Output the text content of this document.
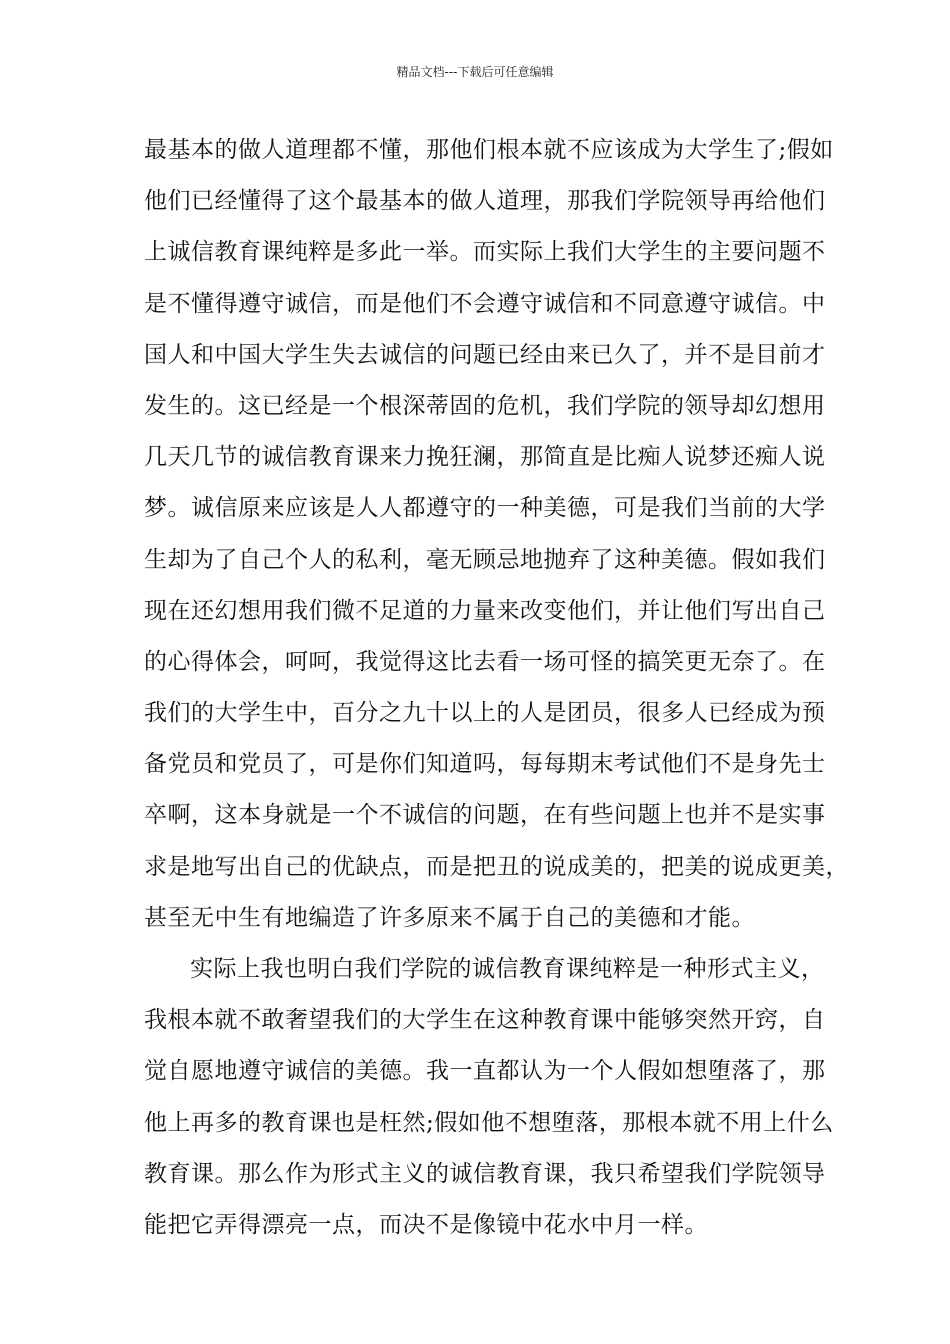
精品文档---下载后可任意编辑
最基本的做人道理都不懂，那他们根本就不应该成为大学生了;假如
他们已经懂得了这个最基本的做人道理，那我们学院领导再给他们
上诚信教育课纯粹是多此一举。而实际上我们大学生的主要问题不
是不懂得遵守诚信，而是他们不会遵守诚信和不同意遵守诚信。中
国人和中国大学生失去诚信的问题已经由来已久了，并不是目前才
发生的。这已经是一个根深蒂固的危机，我们学院的领导却幻想用
几天几节的诚信教育课来力挽狂澜，那简直是比痴人说梦还痴人说
梦。诚信原来应该是人人都遵守的一种美德，可是我们当前的大学
生却为了自己个人的私利，毫无顾忌地抛弃了这种美德。假如我们
现在还幻想用我们微不足道的力量来改变他们，并让他们写出自己
的心得体会，呵呵，我觉得这比去看一场可怪的搞笑更无奈了。在
我们的大学生中，百分之九十以上的人是团员，很多人已经成为预
备党员和党员了，可是你们知道吗，每每期末考试他们不是身先士
卒啊，这本身就是一个不诚信的问题，在有些问题上也并不是实事
求是地写出自己的优缺点，而是把丑的说成美的，把美的说成更美，
甚至无中生有地编造了许多原来不属于自己的美德和才能。
实际上我也明白我们学院的诚信教育课纯粹是一种形式主义，
我根本就不敢奢望我们的大学生在这种教育课中能够突然开窍，自
觉自愿地遵守诚信的美德。我一直都认为一个人假如想堕落了，那
他上再多的教育课也是枉然;假如他不想堕落，那根本就不用上什么
教育课。那么作为形式主义的诚信教育课，我只希望我们学院领导
能把它弄得漂亮一点，而决不是像镜中花水中月一样。
